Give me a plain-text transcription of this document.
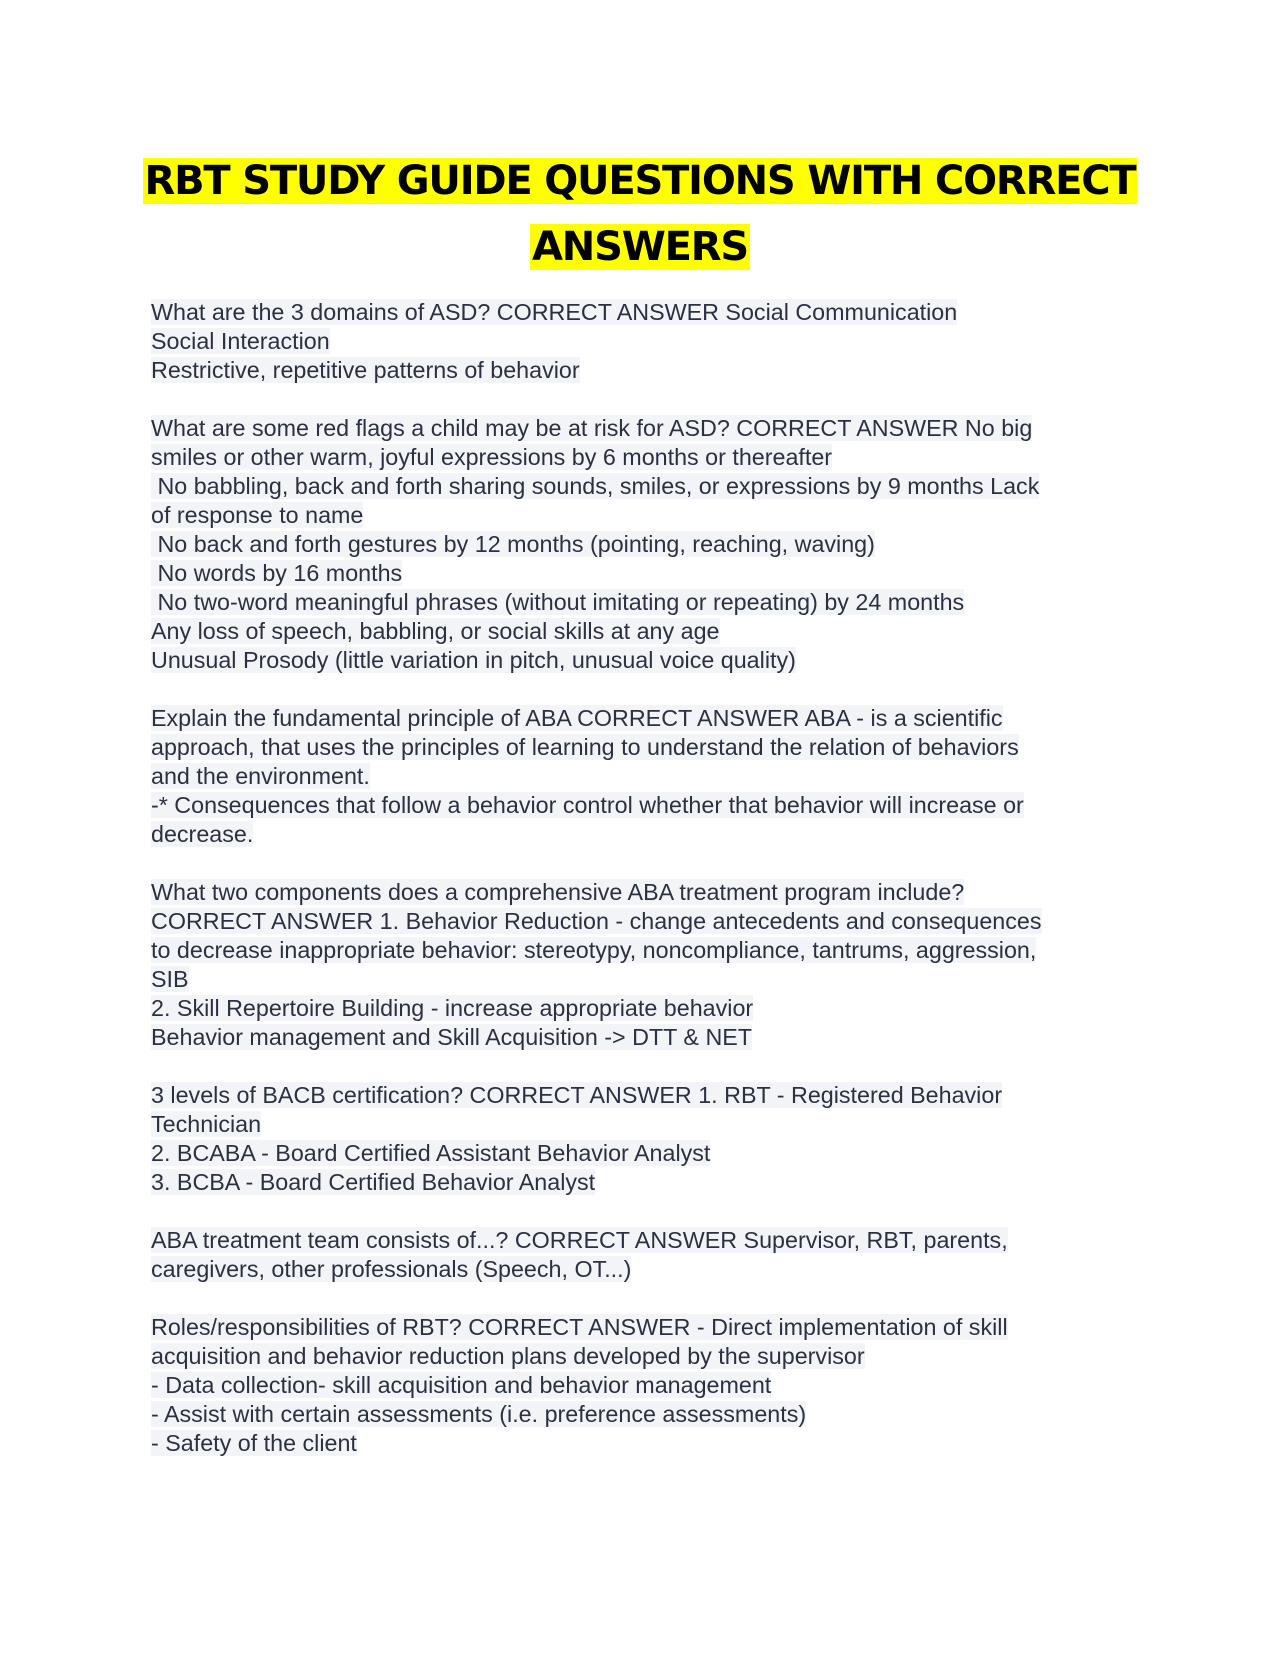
RBT STUDY GUIDE QUESTIONS WITH CORRECT
ANSWERS
What are the 3 domains of ASD? CORRECT ANSWER Social Communication
Social Interaction
Restrictive, repetitive patterns of behavior
What are some red flags a child may be at risk for ASD? CORRECT ANSWER No big
smiles or other warm, joyful expressions by 6 months or thereafter
No babbling, back and forth sharing sounds, smiles, or expressions by 9 months Lack
of response to name
No back and forth gestures by 12 months (pointing, reaching, waving)
No words by 16 months
No two-word meaningful phrases (without imitating or repeating) by 24 months
Any loss of speech, babbling, or social skills at any age
Unusual Prosody (little variation in pitch, unusual voice quality)
Explain the fundamental principle of ABA CORRECT ANSWER ABA - is a scientific
approach, that uses the principles of learning to understand the relation of behaviors
and the environment.
-* Consequences that follow a behavior control whether that behavior will increase or
decrease.
What two components does a comprehensive ABA treatment program include?
CORRECT ANSWER 1. Behavior Reduction - change antecedents and consequences
to decrease inappropriate behavior: stereotypy, noncompliance, tantrums, aggression,
SIB
2. Skill Repertoire Building - increase appropriate behavior
Behavior management and Skill Acquisition -> DTT & NET
3 levels of BACB certification? CORRECT ANSWER 1. RBT - Registered Behavior
Technician
2. BCABA - Board Certified Assistant Behavior Analyst
3. BCBA - Board Certified Behavior Analyst
ABA treatment team consists of...? CORRECT ANSWER Supervisor, RBT, parents,
caregivers, other professionals (Speech, OT...)
Roles/responsibilities of RBT? CORRECT ANSWER - Direct implementation of skill
acquisition and behavior reduction plans developed by the supervisor
- Data collection- skill acquisition and behavior management
- Assist with certain assessments (i.e. preference assessments)
- Safety of the client
